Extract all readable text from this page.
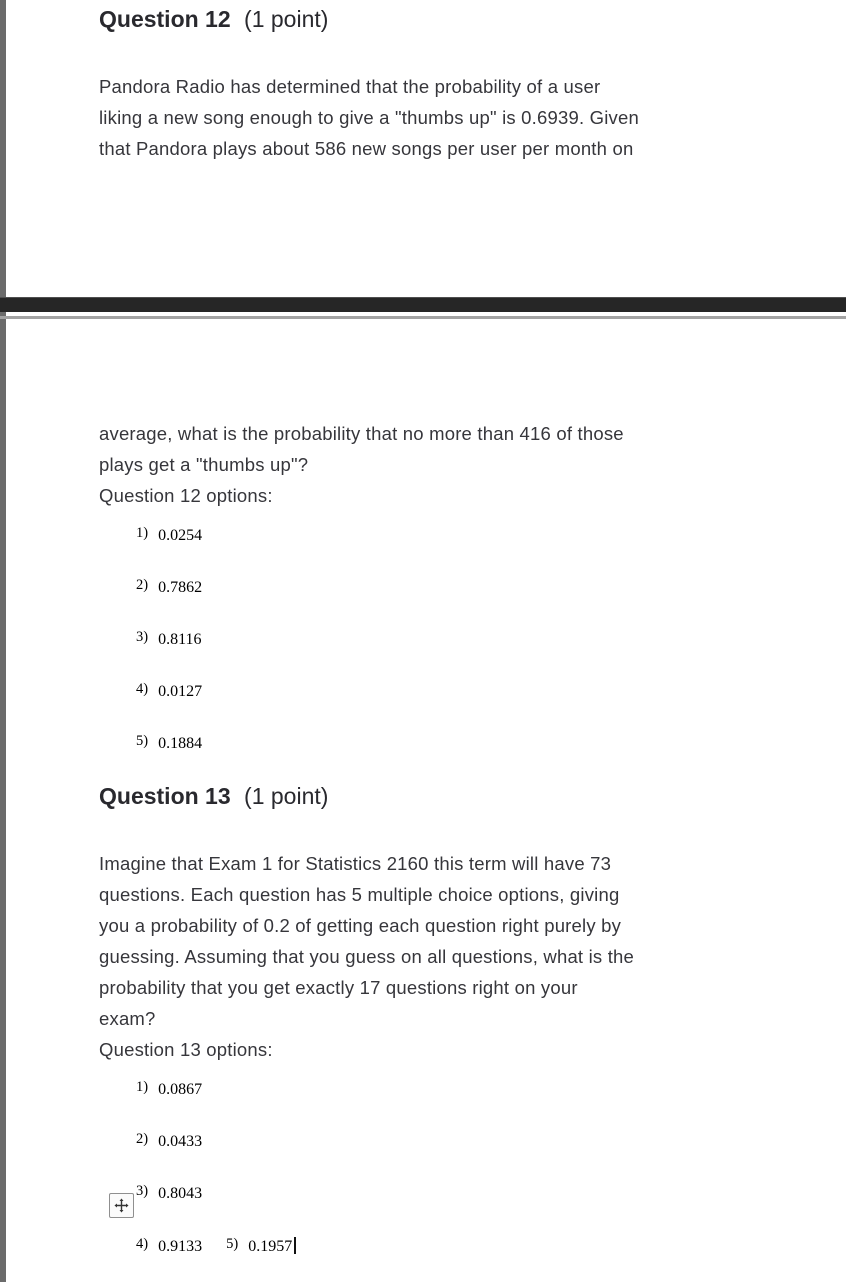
Question 12 (1 point)
Pandora Radio has determined that the probability of a user
liking a new song enough to give a "thumbs up" is 0.6939. Given
that Pandora plays about 586 new songs per user per month on
average, what is the probability that no more than 416 of those
plays get a "thumbs up"?
Question 12 options:
1) 0.0254
2) 0.7862
3) 0.8116
4) 0.0127
5) 0.1884
Question 13 (1 point)
Imagine that Exam 1 for Statistics 2160 this term will have 73
questions. Each question has 5 multiple choice options, giving
you a probability of 0.2 of getting each question right purely by
guessing. Assuming that you guess on all questions, what is the
probability that you get exactly 17 questions right on your
exam?
Question 13 options:
1) 0.0867
2) 0.0433
3) 0.8043
4) 0.9133 5) 0.1957
